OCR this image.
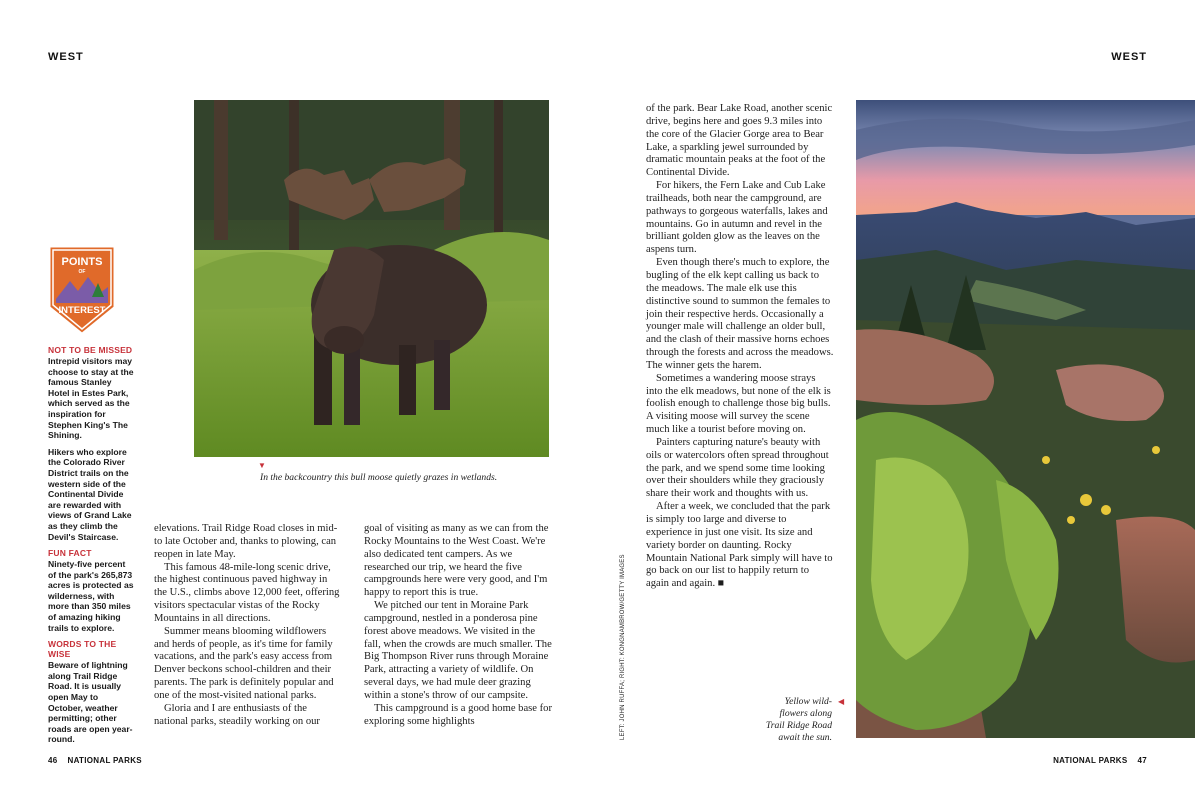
WEST	WEST
▼
In the backcountry this bull moose quietly grazes in wetlands.
POINTS
OF
INTEREST
NOT TO BE MISSED
Intrepid visitors may choose to stay at the famous Stanley Hotel in Estes Park, which served as the inspiration for Stephen King's The Shining.
Hikers who explore the Colorado River District trails on the western side of the Continental Divide are rewarded with views of Grand Lake as they climb the Devil's Staircase.
FUN FACT
Ninety-five percent of the park's 265,873 acres is protected as wilderness, with more than 350 miles of amazing hiking trails to explore.
WORDS TO THE WISE
Beware of lightning along Trail Ridge Road. It is usually open May to October, weather permitting; other roads are open year-round.

elevations. Trail Ridge Road closes in mid- to late October and, thanks to plowing, can reopen in late May.

This famous 48-mile-long scenic drive, the highest continuous paved highway in the U.S., climbs above 12,000 feet, offering visitors spectacular vistas of the Rocky Mountains in all directions.

Summer means blooming wildflowers and herds of people, as it's time for family vacations, and the park's easy access from Denver beckons school-children and their parents. The park is definitely popular and one of the most-visited national parks.

Gloria and I are enthusiasts of the national parks, steadily working on our

goal of visiting as many as we can from the Rocky Mountains to the West Coast. We're also dedicated tent campers. As we researched our trip, we heard the five campgrounds here were very good, and I'm happy to report this is true.

We pitched our tent in Moraine Park campground, nestled in a ponderosa pine forest above meadows. We visited in the fall, when the crowds are much smaller. The Big Thompson River runs through Moraine Park, attracting a variety of wildlife. On several days, we had mule deer grazing within a stone's throw of our campsite.

This campground is a good home base for exploring some highlights

of the park. Bear Lake Road, another scenic drive, begins here and goes 9.3 miles into the core of the Glacier Gorge area to Bear Lake, a sparkling jewel surrounded by dramatic mountain peaks at the foot of the Continental Divide.

For hikers, the Fern Lake and Cub Lake trailheads, both near the campground, are pathways to gorgeous waterfalls, lakes and mountains. Go in autumn and revel in the brilliant golden glow as the leaves on the aspens turn.

Even though there's much to explore, the bugling of the elk kept calling us back to the meadows. The male elk use this distinctive sound to summon the females to join their respective herds. Occasionally a younger male will challenge an older bull, and the clash of their massive horns echoes through the forests and across the meadows. The winner gets the harem.

Sometimes a wandering moose strays into the elk meadows, but none of the elk is foolish enough to challenge those big bulls. A visiting moose will survey the scene much like a tourist before moving on.

Painters capturing nature's beauty with oils or watercolors often spread throughout the park, and we spend some time looking over their shoulders while they graciously share their work and thoughts with us.

After a week, we concluded that the park is simply too large and diverse to experience in just one visit. Its size and variety border on daunting. Rocky Mountain National Park simply will have to go back on our list to happily return to again and again. ■

LEFT: JOHN RUFFA; RIGHT: KONGNAMBROW/GETTY IMAGES	Yellow wild-
flowers along
Trail Ridge Road
await the sun.
◀
46 NATIONAL PARKS	NATIONAL PARKS 47
